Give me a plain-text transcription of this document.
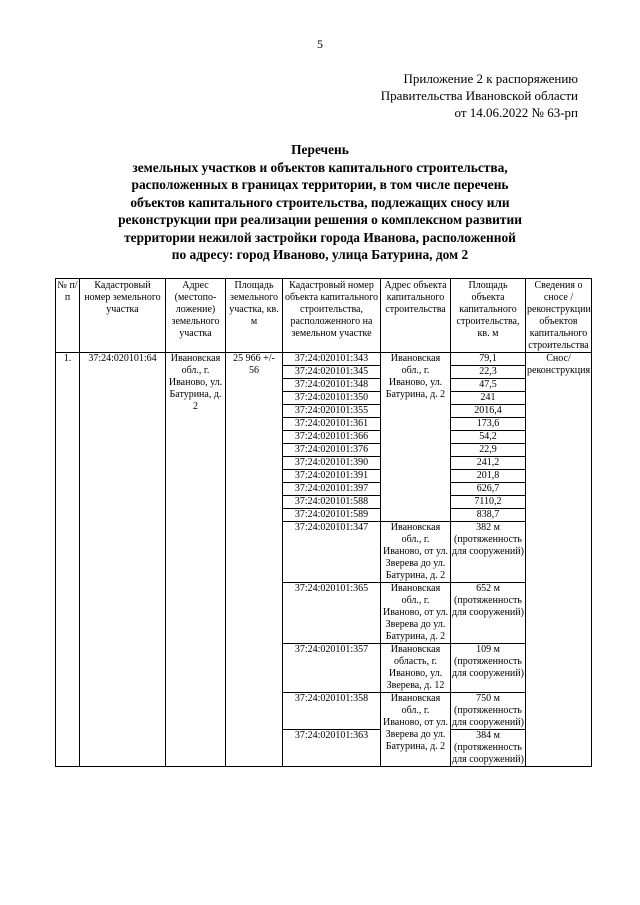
5
Приложение 2 к распоряжению
Правительства Ивановской области
от 14.06.2022 № 63-рп
Перечень
земельных участков и объектов капитального строительства,
расположенных в границах территории, в том числе перечень
объектов капитального строительства, подлежащих сносу или
реконструкции при реализации решения о комплексном развитии
территории нежилой застройки города Иванова, расположенной
по адресу: город Иваново, улица Батурина, дом 2
№ п/п	Кадастровый номер земельного участка	Адрес (местопо-ложение) земельного участка	Площадь земельного участка, кв. м	Кадастровый номер объекта капитального строительства, расположенного на земельном участке	Адрес объекта капитального строительства	Площадь объекта капитального строительства, кв. м	Сведения о сносе / реконструкции объектов капитального строительства
1.	37:24:020101:64	Ивановская обл., г. Иваново, ул. Батурина, д. 2	25 966 +/- 56	37:24:020101:343	Ивановская обл., г. Иваново, ул. Батурина, д. 2	79,1	Снос/ реконструкция
				37:24:020101:345		22,3	
				37:24:020101:348		47,5	
				37:24:020101:350		241	
				37:24:020101:355		2016,4	
				37:24:020101:361		173,6	
				37:24:020101:366		54,2	
				37:24:020101:376		22,9	
				37:24:020101:390		241,2	
				37:24:020101:391		201,8	
				37:24:020101:397		626,7	
				37:24:020101:588		7110,2	
				37:24:020101:589		838,7	
				37:24:020101:347	Ивановская обл., г. Иваново, от ул. Зверева до ул. Батурина, д. 2	382 м (протяженность для сооружений)	
				37:24:020101:365	Ивановская обл., г. Иваново, от ул. Зверева до ул. Батурина, д. 2	652 м (протяженность для сооружений)	
				37:24:020101:357	Ивановская область, г. Иваново, ул. Зверева, д. 12	109 м (протяженность для сооружений)	
				37:24:020101:358	Ивановская обл., г. Иваново, от ул. Зверева до ул. Батурина, д. 2	750 м (протяженность для сооружений)	
				37:24:020101:363		384 м (протяженность для сооружений)	
